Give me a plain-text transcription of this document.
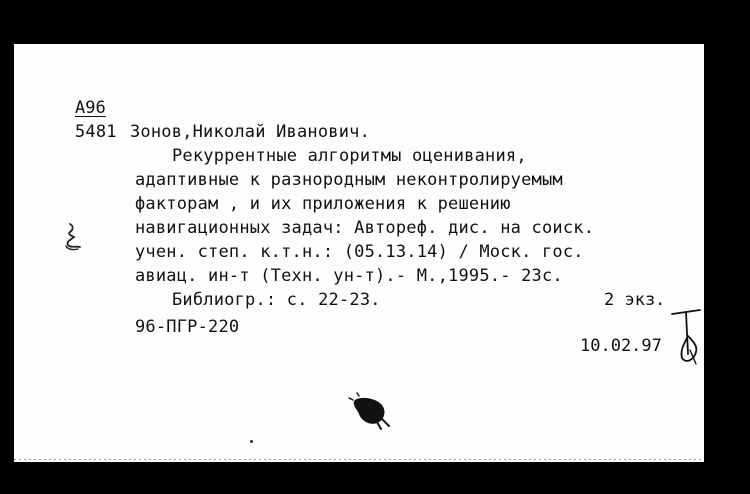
А96
5481 Зонов,Николай Иванович.
Рекуррентные алгоритмы оценивания,
адаптивные к разнородным неконтролируемым
факторам , и их приложения к решению
навигационных задач: Автореф. дис. на соиск.
учен. степ. к.т.н.: (05.13.14) / Моск. гос.
авиац. ин-т (Техн. ун-т).- М.,1995.- 23с.
Библиогр.: с. 22-23.	2 экз.
96-ПГР-220
10.02.97
